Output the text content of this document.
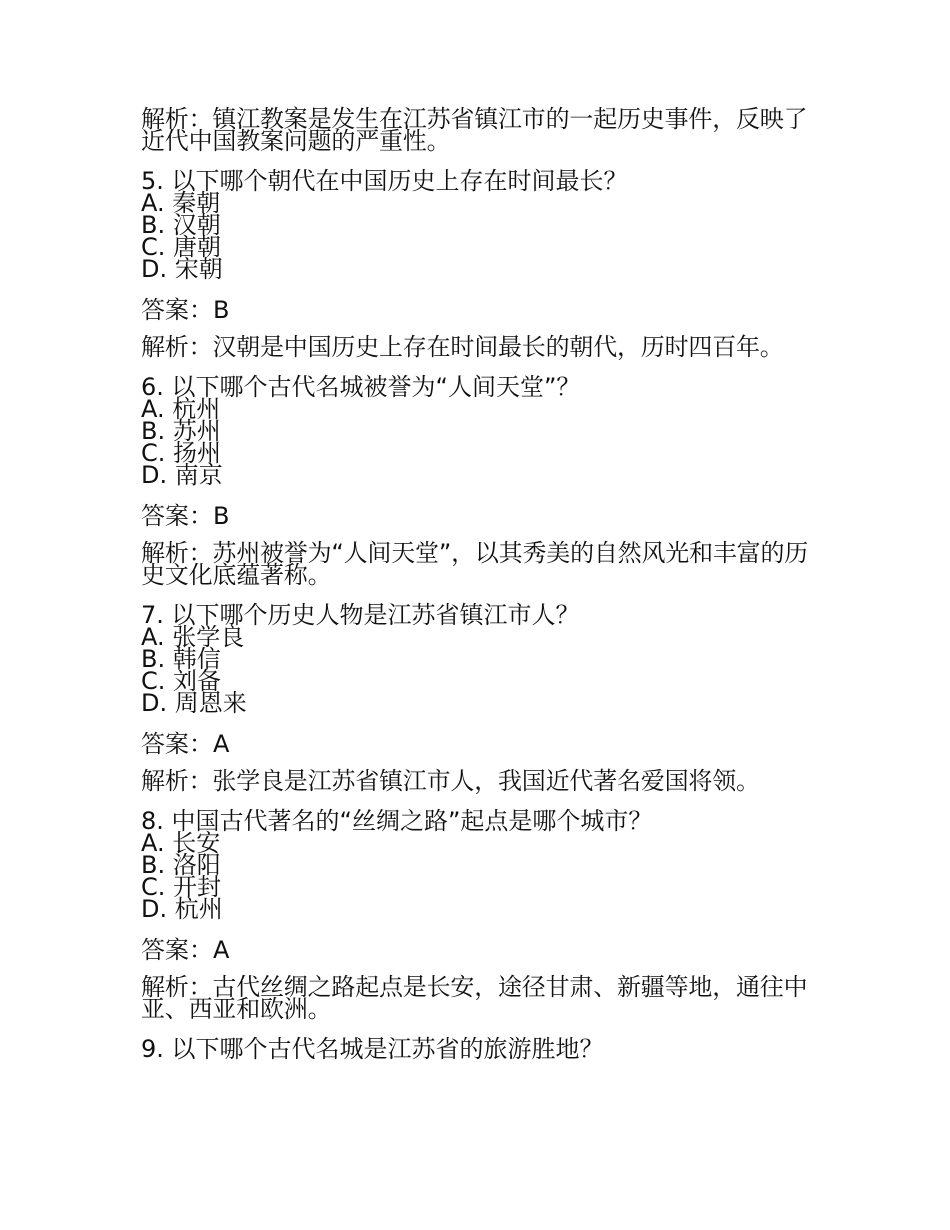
解析：镇江教案是发生在江苏省镇江市的一起历史事件，反映了近代中国教案问题的严重性。

5. 以下哪个朝代在中国历史上存在时间最长？
A. 秦朝
B. 汉朝
C. 唐朝
D. 宋朝

答案：B

解析：汉朝是中国历史上存在时间最长的朝代，历时四百年。

6. 以下哪个古代名城被誉为“人间天堂”？
A. 杭州
B. 苏州
C. 扬州
D. 南京

答案：B

解析：苏州被誉为“人间天堂”，以其秀美的自然风光和丰富的历史文化底蕴著称。

7. 以下哪个历史人物是江苏省镇江市人？
A. 张学良
B. 韩信
C. 刘备
D. 周恩来

答案：A

解析：张学良是江苏省镇江市人，我国近代著名爱国将领。

8. 中国古代著名的“丝绸之路”起点是哪个城市？
A. 长安
B. 洛阳
C. 开封
D. 杭州

答案：A

解析：古代丝绸之路起点是长安，途径甘肃、新疆等地，通往中亚、西亚和欧洲。

9. 以下哪个古代名城是江苏省的旅游胜地？
